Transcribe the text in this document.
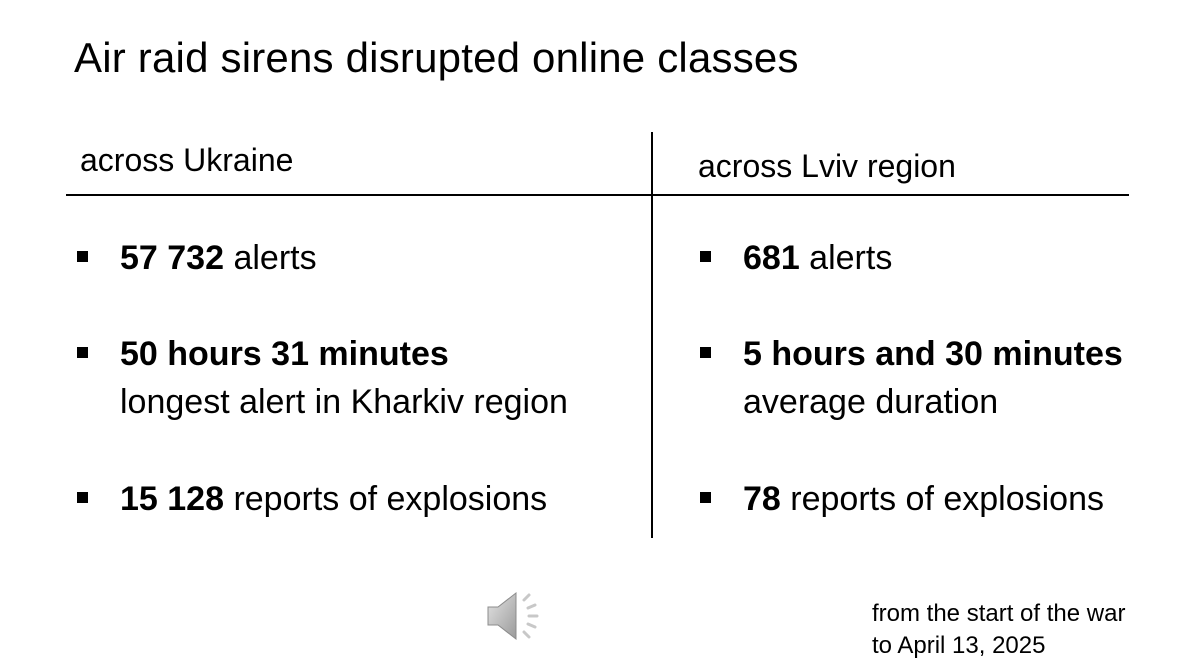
Air raid sirens disrupted online classes
across Ukraine	across Lviv region
57 732 alerts
50 hours 31 minutes
longest alert in Kharkiv region
15 128 reports of explosions
681 alerts
5 hours and 30 minutes
average duration
78 reports of explosions
from the start of the war
to April 13, 2025
